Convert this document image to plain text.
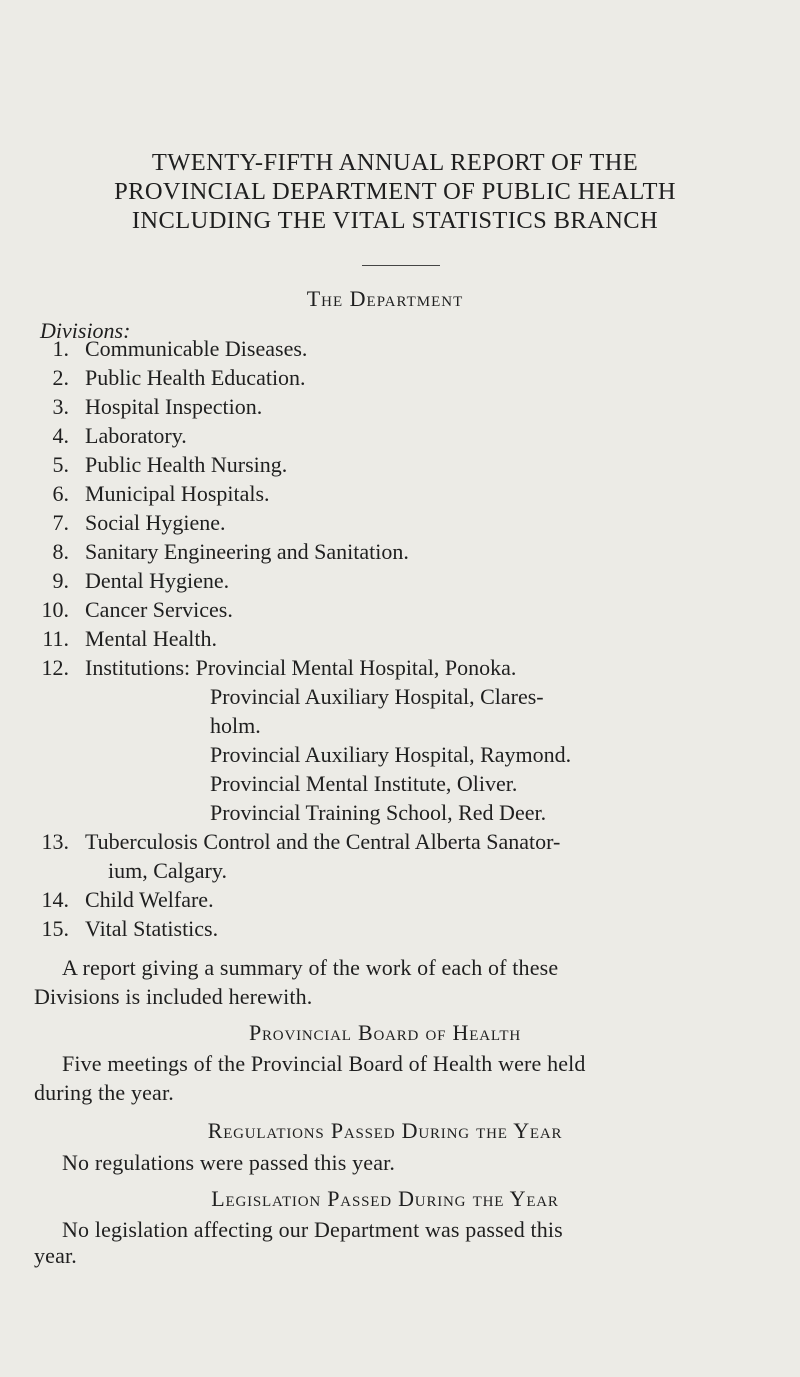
TWENTY-FIFTH ANNUAL REPORT OF THE
PROVINCIAL DEPARTMENT OF PUBLIC HEALTH
INCLUDING THE VITAL STATISTICS BRANCH
The Department
Divisions:
1. Communicable Diseases.
2. Public Health Education.
3. Hospital Inspection.
4. Laboratory.
5. Public Health Nursing.
6. Municipal Hospitals.
7. Social Hygiene.
8. Sanitary Engineering and Sanitation.
9. Dental Hygiene.
10. Cancer Services.
11. Mental Health.
12. Institutions: Provincial Mental Hospital, Ponoka.
Provincial Auxiliary Hospital, Clares-
holm.
Provincial Auxiliary Hospital, Raymond.
Provincial Mental Institute, Oliver.
Provincial Training School, Red Deer.
13. Tuberculosis Control and the Central Alberta Sanator-
ium, Calgary.
14. Child Welfare.
15. Vital Statistics.
A report giving a summary of the work of each of these
Divisions is included herewith.
Provincial Board of Health
Five meetings of the Provincial Board of Health were held
during the year.
Regulations Passed During the Year
No regulations were passed this year.
Legislation Passed During the Year
No legislation affecting our Department was passed this
year.
